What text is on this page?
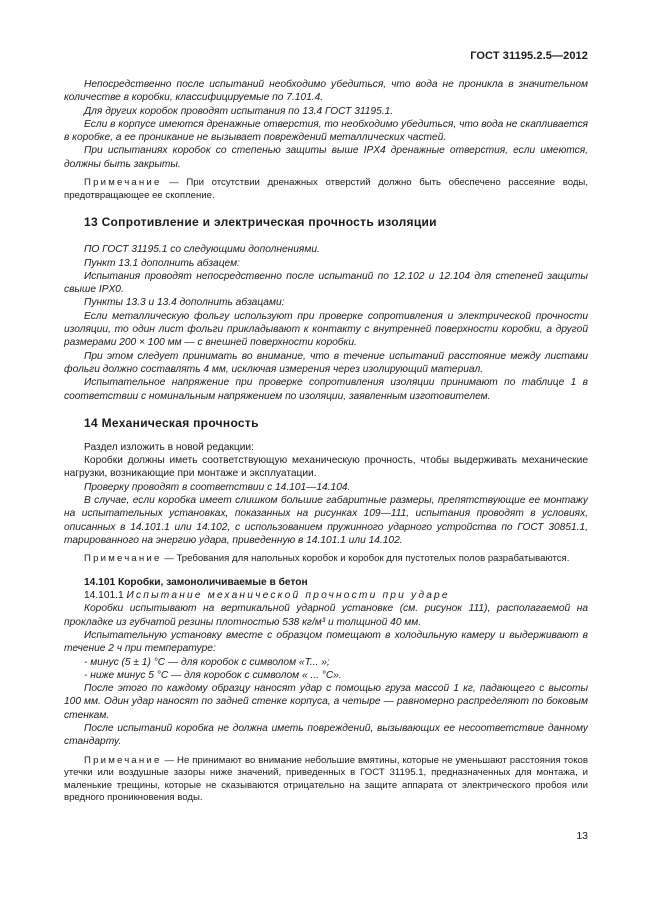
ГОСТ 31195.2.5—2012

Непосредственно после испытаний необходимо убедиться, что вода не проникла в значительном количестве в коробки, классифицируемые по 7.101.4.

Для других коробок проводят испытания по 13.4 ГОСТ 31195.1.

Если в корпусе имеются дренажные отверстия, то необходимо убедиться, что вода не скапливается в коробке, а ее проникание не вызывает повреждений металлических частей.

При испытаниях коробок со степенью защиты выше IPX4 дренажные отверстия, если имеются, должны быть закрыты.

Примечание — При отсутствии дренажных отверстий должно быть обеспечено рассеяние воды, предотвращающее ее скопление.

13 Сопротивление и электрическая прочность изоляции

ПО ГОСТ 31195.1 со следующими дополнениями.

Пункт 13.1 дополнить абзацем:

Испытания проводят непосредственно после испытаний по 12.102 и 12.104 для степеней защиты свыше IPX0.

Пункты 13.3 и 13.4 дополнить абзацами:

Если металлическую фольгу используют при проверке сопротивления и электрической прочности изоляции, то один лист фольги прикладывают к контакту с внутренней поверхности коробки, а другой размерами 200 × 100 мм — с внешней поверхности коробки.

При этом следует принимать во внимание, что в течение испытаний расстояние между листами фольги должно составлять 4 мм, исключая измерения через изолирующий материал.

Испытательное напряжение при проверке сопротивления изоляции принимают по таблице 1 в соответствии с номинальным напряжением по изоляции, заявленным изготовителем.

14 Механическая прочность

Раздел изложить в новой редакции:

Коробки должны иметь соответствующую механическую прочность, чтобы выдерживать механические нагрузки, возникающие при монтаже и эксплуатации.

Проверку проводят в соответствии с 14.101—14.104.

В случае, если коробка имеет слишком большие габаритные размеры, препятствующие ее монтажу на испытательных установках, показанных на рисунках 109—111, испытания проводят в условиях, описанных в 14.101.1 или 14.102, с использованием пружинного ударного устройства по ГОСТ 30851.1, тарированного на энергию удара, приведенную в 14.101.1 или 14.102.

Примечание — Требования для напольных коробок и коробок для пустотелых полов разрабатываются.

14.101 Коробки, замоноличиваемые в бетон

14.101.1 Испытание механической прочности при ударе

Коробки испытывают на вертикальной ударной установке (см. рисунок 111), располагаемой на прокладке из губчатой резины плотностью 538 кг/м³ и толщиной 40 мм.

Испытательную установку вместе с образцом помещают в холодильную камеру и выдерживают в течение 2 ч при температуре:

- минус (5 ± 1) °С — для коробок с символом «Т... »;

- ниже минус 5 °С — для коробок с символом « ... °С».

После этого по каждому образцу наносят удар с помощью груза массой 1 кг, падающего с высоты 100 мм. Один удар наносят по задней стенке корпуса, а четыре — равномерно распределяют по боковым стенкам.

После испытаний коробка не должна иметь повреждений, вызывающих ее несоответствие данному стандарту.

Примечание — Не принимают во внимание небольшие вмятины, которые не уменьшают расстояния токов утечки или воздушные зазоры ниже значений, приведенных в ГОСТ 31195.1, предназначенных для монтажа, и маленькие трещины, которые не сказываются отрицательно на защите аппарата от электрического пробоя или вредного проникновения воды.

13
